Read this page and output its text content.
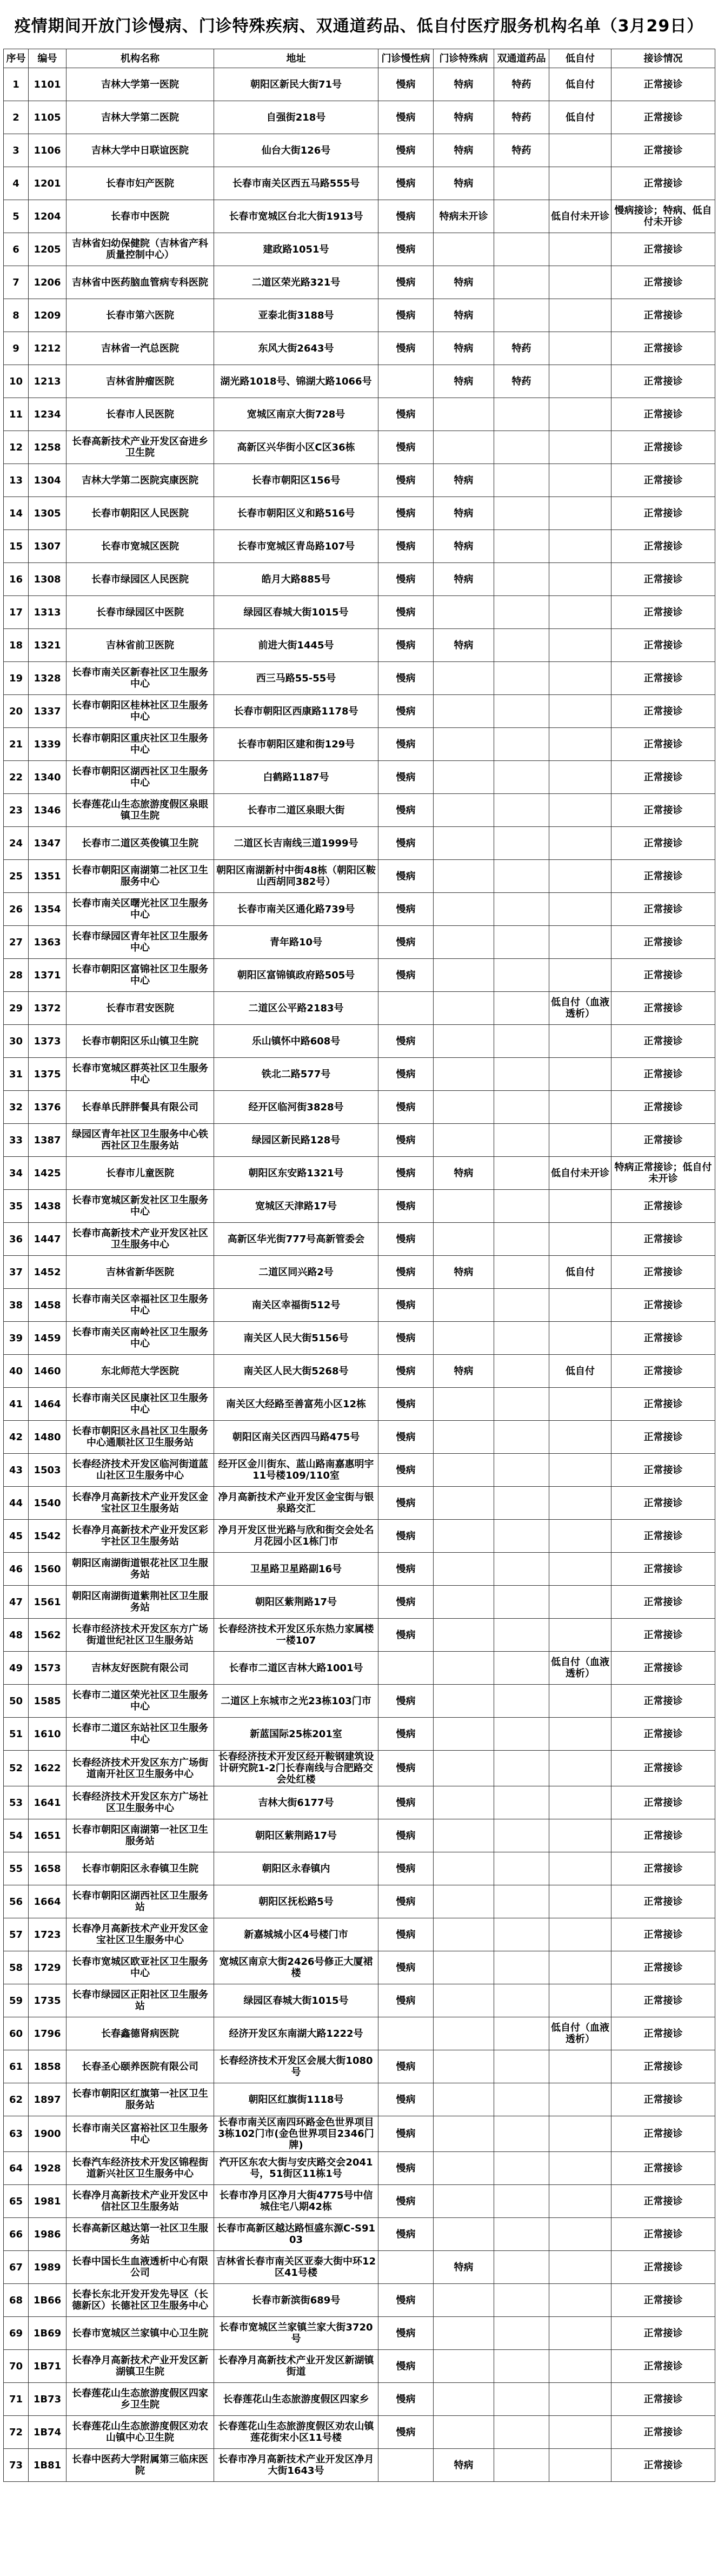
疫情期间开放门诊慢病、门诊特殊疾病、双通道药品、低自付医疗服务机构名单（3月29日）
序号	编号	机构名称	地址	门诊慢性病	门诊特殊病	双通道药品	低自付	接诊情况
1	1101	吉林大学第一医院	朝阳区新民大街71号	慢病	特病	特药	低自付	正常接诊
2	1105	吉林大学第二医院	自强街218号	慢病	特病	特药	低自付	正常接诊
3	1106	吉林大学中日联谊医院	仙台大街126号	慢病	特病	特药		正常接诊
4	1201	长春市妇产医院	长春市南关区西五马路555号	慢病	特病			正常接诊
5	1204	长春市中医院	长春市宽城区台北大街1913号	慢病	特病未开诊		低自付未开诊	慢病接诊；特病、低自付未开诊
6	1205	吉林省妇幼保健院（吉林省产科质量控制中心）	建政路1051号	慢病				正常接诊
7	1206	吉林省中医药脑血管病专科医院	二道区荣光路321号	慢病	特病			正常接诊
8	1209	长春市第六医院	亚泰北街3188号	慢病	特病			正常接诊
9	1212	吉林省一汽总医院	东风大街2643号	慢病	特病	特药		正常接诊
10	1213	吉林省肿瘤医院	湖光路1018号、锦湖大路1066号		特病	特药		正常接诊
11	1234	长春市人民医院	宽城区南京大街728号	慢病				正常接诊
12	1258	长春高新技术产业开发区奋进乡卫生院	高新区兴华街小区C区36栋	慢病				正常接诊
13	1304	吉林大学第二医院宾康医院	长春市朝阳区156号	慢病	特病			正常接诊
14	1305	长春市朝阳区人民医院	长春市朝阳区义和路516号	慢病	特病			正常接诊
15	1307	长春市宽城区医院	长春市宽城区青岛路107号	慢病	特病			正常接诊
16	1308	长春市绿园区人民医院	皓月大路885号	慢病	特病			正常接诊
17	1313	长春市绿园区中医院	绿园区春城大街1015号	慢病				正常接诊
18	1321	吉林省前卫医院	前进大街1445号	慢病	特病			正常接诊
19	1328	长春市南关区新春社区卫生服务中心	西三马路55-55号	慢病				正常接诊
20	1337	长春市朝阳区桂林社区卫生服务中心	长春市朝阳区西康路1178号	慢病				正常接诊
21	1339	长春市朝阳区重庆社区卫生服务中心	长春市朝阳区建和街129号	慢病				正常接诊
22	1340	长春市朝阳区湖西社区卫生服务中心	白鹤路1187号	慢病				正常接诊
23	1346	长春莲花山生态旅游度假区泉眼镇卫生院	长春市二道区泉眼大街	慢病				正常接诊
24	1347	长春市二道区英俊镇卫生院	二道区长吉南线三道1999号	慢病				正常接诊
25	1351	长春市朝阳区南湖第二社区卫生服务中心	朝阳区南湖新村中街48栋（朝阳区鞍山西胡同382号）	慢病				正常接诊
26	1354	长春市南关区曙光社区卫生服务中心	长春市南关区通化路739号	慢病				正常接诊
27	1363	长春市绿园区青年社区卫生服务中心	青年路10号	慢病				正常接诊
28	1371	长春市朝阳区富锦社区卫生服务中心	朝阳区富锦镇政府路505号	慢病				正常接诊
29	1372	长春市君安医院	二道区公平路2183号				低自付（血液透析）	正常接诊
30	1373	长春市朝阳区乐山镇卫生院	乐山镇怀中路608号	慢病				正常接诊
31	1375	长春市宽城区群英社区卫生服务中心	铁北二路577号	慢病				正常接诊
32	1376	长春单氏胖胖餐具有限公司	经开区临河街3828号	慢病				正常接诊
33	1387	绿园区青年社区卫生服务中心铁西社区卫生服务站	绿园区新民路128号	慢病				正常接诊
34	1425	长春市儿童医院	朝阳区东安路1321号	慢病	特病		低自付未开诊	特病正常接诊；低自付未开诊
35	1438	长春市宽城区新发社区卫生服务中心	宽城区天津路17号	慢病				正常接诊
36	1447	长春市高新技术产业开发区社区卫生服务中心	高新区华光街777号高新管委会	慢病				正常接诊
37	1452	吉林省新华医院	二道区同兴路2号	慢病	特病		低自付	正常接诊
38	1458	长春市南关区幸福社区卫生服务中心	南关区幸福街512号	慢病				正常接诊
39	1459	长春市南关区南岭社区卫生服务中心	南关区人民大街5156号	慢病				正常接诊
40	1460	东北师范大学医院	南关区人民大街5268号	慢病	特病		低自付	正常接诊
41	1464	长春市南关区民康社区卫生服务中心	南关区大经路至善富苑小区12栋	慢病				正常接诊
42	1480	长春市朝阳区永昌社区卫生服务中心通顺社区卫生服务站	朝阳区南关区西四马路475号	慢病				正常接诊
43	1503	长春经济技术开发区临河街道蓝山社区卫生服务中心	经开区金川街东、蓝山路南嘉惠明宇11号楼109/110室	慢病				正常接诊
44	1540	长春净月高新技术产业开发区金宝社区卫生服务站	净月高新技术产业开发区金宝街与银泉路交汇	慢病				正常接诊
45	1542	长春净月高新技术产业开发区彩宇社区卫生服务站	净月开发区世光路与欣和街交会处名月花园小区1栋门市	慢病				正常接诊
46	1560	朝阳区南湖街道银花社区卫生服务站	卫星路卫星路副16号	慢病				正常接诊
47	1561	朝阳区南湖街道紫荆社区卫生服务站	朝阳区紫荆路17号	慢病				正常接诊
48	1562	长春市经济技术开发区东方广场街道世纪社区卫生服务站	长春经济技术开发区乐东热力家属楼一楼107	慢病				正常接诊
49	1573	吉林友好医院有限公司	长春市二道区吉林大路1001号				低自付（血液透析）	正常接诊
50	1585	长春市二道区荣光社区卫生服务中心	二道区上东城市之光23栋103门市	慢病				正常接诊
51	1610	长春市二道区东站社区卫生服务中心	新蓝国际25栋201室	慢病				正常接诊
52	1622	长春经济技术开发区东方广场街道南开社区卫生服务中心	长春经济技术开发区经开鞍钢建筑设计研究院1-2门长春南线与合肥路交会处红楼	慢病				正常接诊
53	1641	长春经济技术开发区东方广场社区卫生服务中心	吉林大街6177号	慢病				正常接诊
54	1651	长春市朝阳区南湖第一社区卫生服务站	朝阳区紫荆路17号	慢病				正常接诊
55	1658	长春市朝阳区永春镇卫生院	朝阳区永春镇内	慢病				正常接诊
56	1664	长春市朝阳区湖西社区卫生服务站	朝阳区抚松路5号	慢病				正常接诊
57	1723	长春净月高新技术产业开发区金宝社区卫生服务中心	新嘉城城小区4号楼门市	慢病				正常接诊
58	1729	长春市宽城区欧亚社区卫生服务中心	宽城区南京大街2426号修正大厦裙楼	慢病				正常接诊
59	1735	长春市绿园区正阳社区卫生服务站	绿园区春城大街1015号	慢病				正常接诊
60	1796	长春鑫德肾病医院	经济开发区东南湖大路1222号				低自付（血液透析）	正常接诊
61	1858	长春圣心颐养医院有限公司	长春经济技术开发区会展大街1080号	慢病				正常接诊
62	1897	长春市朝阳区红旗第一社区卫生服务站	朝阳区红旗街1118号	慢病				正常接诊
63	1900	长春市南关区富裕社区卫生服务中心	长春市南关区南四环路金色世界项目3栋102门市(金色世界项目2346门牌)	慢病				正常接诊
64	1928	长春汽车经济技术开发区锦程街道新兴社区卫生服务中心	汽开区东农大街与安庆路交会2041号，51街区11栋1号	慢病				正常接诊
65	1981	长春净月高新技术产业开发区中信社区卫生服务站	长春市净月区净月大街4775号中信城住宅八期42栋	慢病				正常接诊
66	1986	长春高新区越达第一社区卫生服务站	长春市高新区越达路恒盛东源C-S9103	慢病				正常接诊
67	1989	长春中国长生血液透析中心有限公司	吉林省长春市南关区亚泰大街中环12区41号楼		特病			正常接诊
68	1B66	长春长东北开发开发先导区（长德新区）长德社区卫生服务中心	长春市新滨街689号	慢病				正常接诊
69	1B69	长春市宽城区兰家镇中心卫生院	长春市宽城区兰家镇兰家大街3720号	慢病				正常接诊
70	1B71	长春净月高新技术产业开发区新湖镇卫生院	长春净月高新技术产业开发区新湖镇街道	慢病				正常接诊
71	1B73	长春莲花山生态旅游度假区四家乡卫生院	长春莲花山生态旅游度假区四家乡	慢病				正常接诊
72	1B74	长春莲花山生态旅游度假区劝农山镇中心卫生院	长春莲花山生态旅游度假区劝农山镇莲花街宋小区11号楼	慢病				正常接诊
73	1B81	长春中医药大学附属第三临床医院	长春市净月高新技术产业开发区净月大街1643号		特病			正常接诊
